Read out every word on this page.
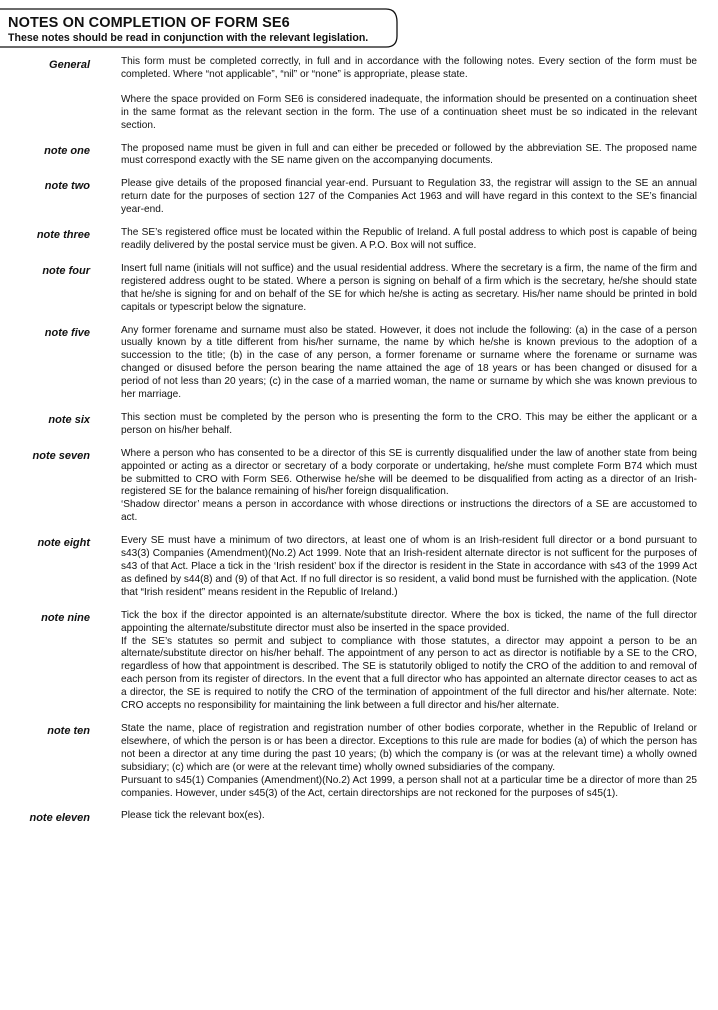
NOTES ON COMPLETION OF FORM SE6
These notes should be read in conjunction with the relevant legislation.
General	This form must be completed correctly, in full and in accordance with the following notes. Every section of the form must be completed. Where “not applicable”, “nil” or “none” is appropriate, please state.

Where the space provided on Form SE6 is considered inadequate, the information should be presented on a continuation sheet in the same format as the relevant section in the form. The use of a continuation sheet must be so indicated in the relevant section.

note one	The proposed name must be given in full and can either be preceded or followed by the abbreviation SE. The proposed name must correspond exactly with the SE name given on the accompanying documents.

note two	Please give details of the proposed financial year-end. Pursuant to Regulation 33, the registrar will assign to the SE an annual return date for the purposes of section 127 of the Companies Act 1963 and will have regard in this context to the SE’s financial year-end.

note three	The SE’s registered office must be located within the Republic of Ireland. A full postal address to which post is capable of being readily delivered by the postal service must be given. A P.O. Box will not suffice.

note four	Insert full name (initials will not suffice) and the usual residential address. Where the secretary is a firm, the name of the firm and registered address ought to be stated. Where a person is signing on behalf of a firm which is the secretary, he/she should state that he/she is signing for and on behalf of the SE for which he/she is acting as secretary. His/her name should be printed in bold capitals or typescript below the signature.

note five	Any former forename and surname must also be stated. However, it does not include the following: (a) in the case of a person usually known by a title different from his/her surname, the name by which he/she is known previous to the adoption of a succession to the title; (b) in the case of any person, a former forename or surname where the forename or surname was changed or disused before the person bearing the name attained the age of 18 years or has been changed or disused for a period of not less than 20 years; (c) in the case of a married woman, the name or surname by which she was known previous to her marriage.

note six	This section must be completed by the person who is presenting the form to the CRO. This may be either the applicant or a person on his/her behalf.

note seven	Where a person who has consented to be a director of this SE is currently disqualified under the law of another state from being appointed or acting as a director or secretary of a body corporate or undertaking, he/she must complete Form B74 which must be submitted to CRO with Form SE6. Otherwise he/she will be deemed to be disqualified from acting as a director of an Irish-registered SE for the balance remaining of his/her foreign disqualification.

‘Shadow director’ means a person in accordance with whose directions or instructions the directors of a SE are accustomed to act.

note eight	Every SE must have a minimum of two directors, at least one of whom is an Irish-resident full director or a bond pursuant to s43(3) Companies (Amendment)(No.2) Act 1999. Note that an Irish-resident alternate director is not sufficent for the purposes of s43 of that Act. Place a tick in the ‘Irish resident’ box if the director is resident in the State in accordance with s43 of the 1999 Act as defined by s44(8) and (9) of that Act. If no full director is so resident, a valid bond must be furnished with the application. (Note that “Irish resident” means resident in the Republic of Ireland.)

note nine	Tick the box if the director appointed is an alternate/substitute director. Where the box is ticked, the name of the full director appointing the alternate/substitute director must also be inserted in the space provided.

If the SE’s statutes so permit and subject to compliance with those statutes, a director may appoint a person to be an alternate/substitute director on his/her behalf. The appointment of any person to act as director is notifiable by a SE to the CRO, regardless of how that appointment is described. The SE is statutorily obliged to notify the CRO of the addition to and removal of each person from its register of directors. In the event that a full director who has appointed an alternate director ceases to act as a director, the SE is required to notify the CRO of the termination of appointment of the full director and his/her alternate. Note: CRO accepts no responsibility for maintaining the link between a full director and his/her alternate.

note ten	State the name, place of registration and registration number of other bodies corporate, whether in the Republic of Ireland or elsewhere, of which the person is or has been a director. Exceptions to this rule are made for bodies (a) of which the person has not been a director at any time during the past 10 years; (b) which the company is (or was at the relevant time) a wholly owned subsidiary; (c) which are (or were at the relevant time) wholly owned subsidiaries of the company.

Pursuant to s45(1) Companies (Amendment)(No.2) Act 1999, a person shall not at a particular time be a director of more than 25 companies. However, under s45(3) of the Act, certain directorships are not reckoned for the purposes of s45(1).

note eleven	Please tick the relevant box(es).
